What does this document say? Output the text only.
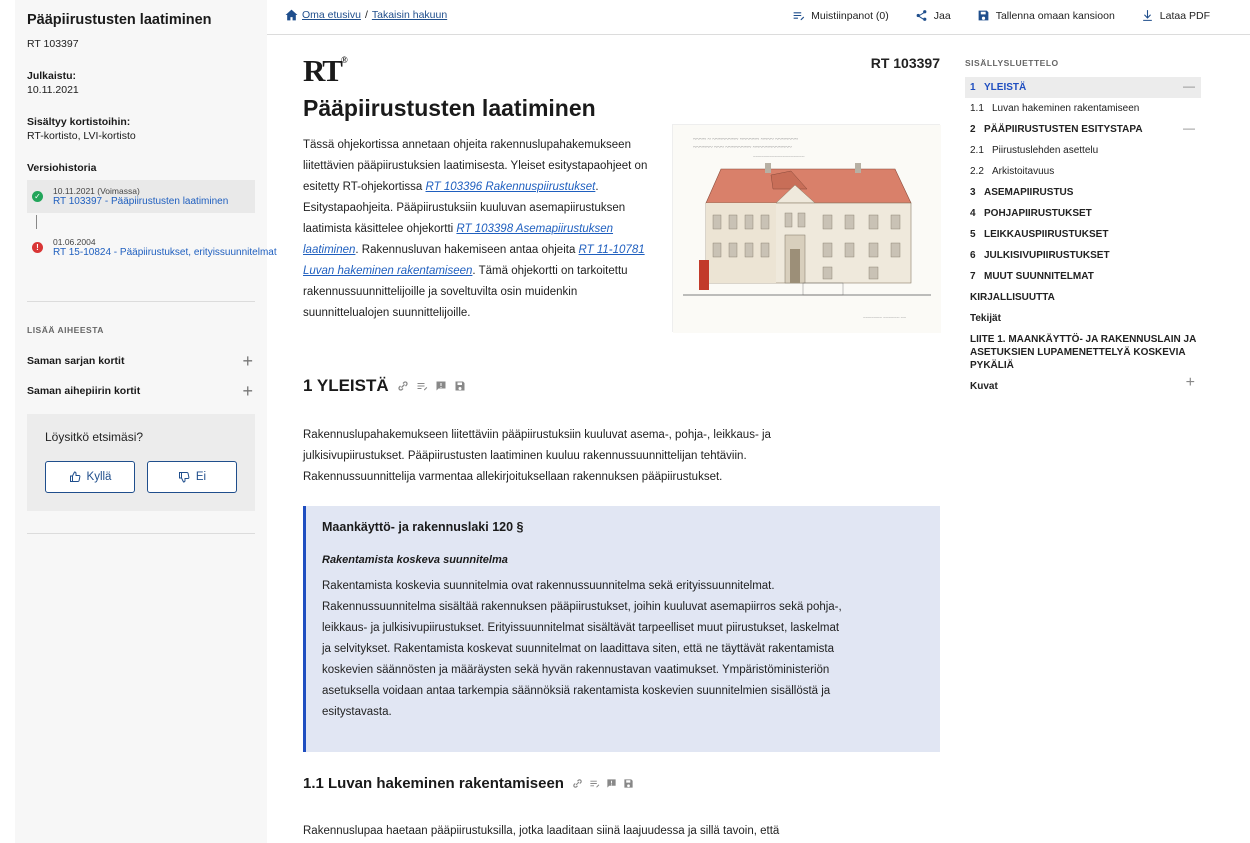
Pääpiirustusten laatiminen
RT 103397
Julkaistu:
10.11.2021
Sisältyy kortistoihin:
RT-kortisto, LVI-kortisto
Versiohistoria
✓
10.11.2021 (Voimassa)
RT 103397 - Pääpiirustusten laatiminen
!
01.06.2004
RT 15-10824 - Pääpiirustukset, erityissuunnitelmat
LISÄÄ AIHEESTA
Saman sarjan kortit	+
Saman aihepiirin kortit	+
Löysitkö etsimäsi?
Kyllä	Ei
Oma etusivu / Takaisin hakuun	Muistiinpanot (0)	Jaa	Tallenna omaan kansioon	Lataa PDF
RT®	RT 103397
Pääpiirustusten laatiminen

Tässä ohjekortissa annetaan ohjeita rakennuslupahakemukseen liitettävien pääpiirustuksien laatimisesta. Yleiset esitystapaohjeet on esitetty RT-ohjekortissa RT 103396 Rakennuspiirustukset. Esitystapaohjeita. Pääpiirustuksiin kuuluvan asemapiirustuksen laatimista käsittelee ohjekortti RT 103398 Asemapiirustuksen laatiminen. Rakennusluvan hakemiseen antaa ohjeita RT 11-10781 Luvan hakeminen rakentamiseen. Tämä ohjekortti on tarkoitettu rakennussuunnittelijoille ja soveltuvilta osin muidenkin suunnittelualojen suunnittelijoille.

~~~~ ~ ~~~~~~~~ ~~~~~~ ~~~~ ~~~~~~~
~~~~~~ ~~~ ~~~~~~~~ ~~~~~~~~~~~~
~~~~~~~~~~~~~~~~~~~
~~~~~~~ ~~~~~~ ~~
1 YLEISTÄ

Rakennuslupahakemukseen liitettäviin pääpiirustuksiin kuuluvat asema-, pohja-, leikkaus- ja julkisivupiirustukset. Pääpiirustusten laatiminen kuuluu rakennussuunnittelijan tehtäviin. Rakennussuunnittelija varmentaa allekirjoituksellaan rakennuksen pääpiirustukset.

Maankäyttö- ja rakennuslaki 120 §
Rakentamista koskeva suunnitelma
Rakentamista koskevia suunnitelmia ovat rakennussuunnitelma sekä erityissuunnitelmat. Rakennussuunnitelma sisältää rakennuksen pääpiirustukset, joihin kuuluvat asemapiirros sekä pohja-, leikkaus- ja julkisivupiirustukset. Erityissuunnitelmat sisältävät tarpeelliset muut piirustukset, laskelmat ja selvitykset. Rakentamista koskevat suunnitelmat on laadittava siten, että ne täyttävät rakentamista koskevien säännösten ja määräysten sekä hyvän rakennustavan vaatimukset. Ympäristöministeriön asetuksella voidaan antaa tarkempia säännöksiä rakentamista koskevien suunnitelmien sisällöstä ja esitystavasta.
1.1 Luvan hakeminen rakentamiseen

Rakennuslupaa haetaan pääpiirustuksilla, jotka laaditaan siinä laajuudessa ja sillä tavoin, että

SISÄLLYSLUETTELO
1 YLEISTÄ	—
1.1 Luvan hakeminen rakentamiseen
2 PÄÄPIIRUSTUSTEN ESITYSTAPA	—
2.1 Piirustuslehden asettelu
2.2 Arkistoitavuus
3 ASEMAPIIRUSTUS
4 POHJAPIIRUSTUKSET
5 LEIKKAUSPIIRUSTUKSET
6 JULKISIVUPIIRUSTUKSET
7 MUUT SUUNNITELMAT
KIRJALLISUUTTA
Tekijät
LIITE 1. MAANKÄYTTÖ- JA RAKENNUSLAIN JA ASETUKSIEN LUPAMENETTELYÄ KOSKEVIA PYKÄLIÄ
Kuvat	+
